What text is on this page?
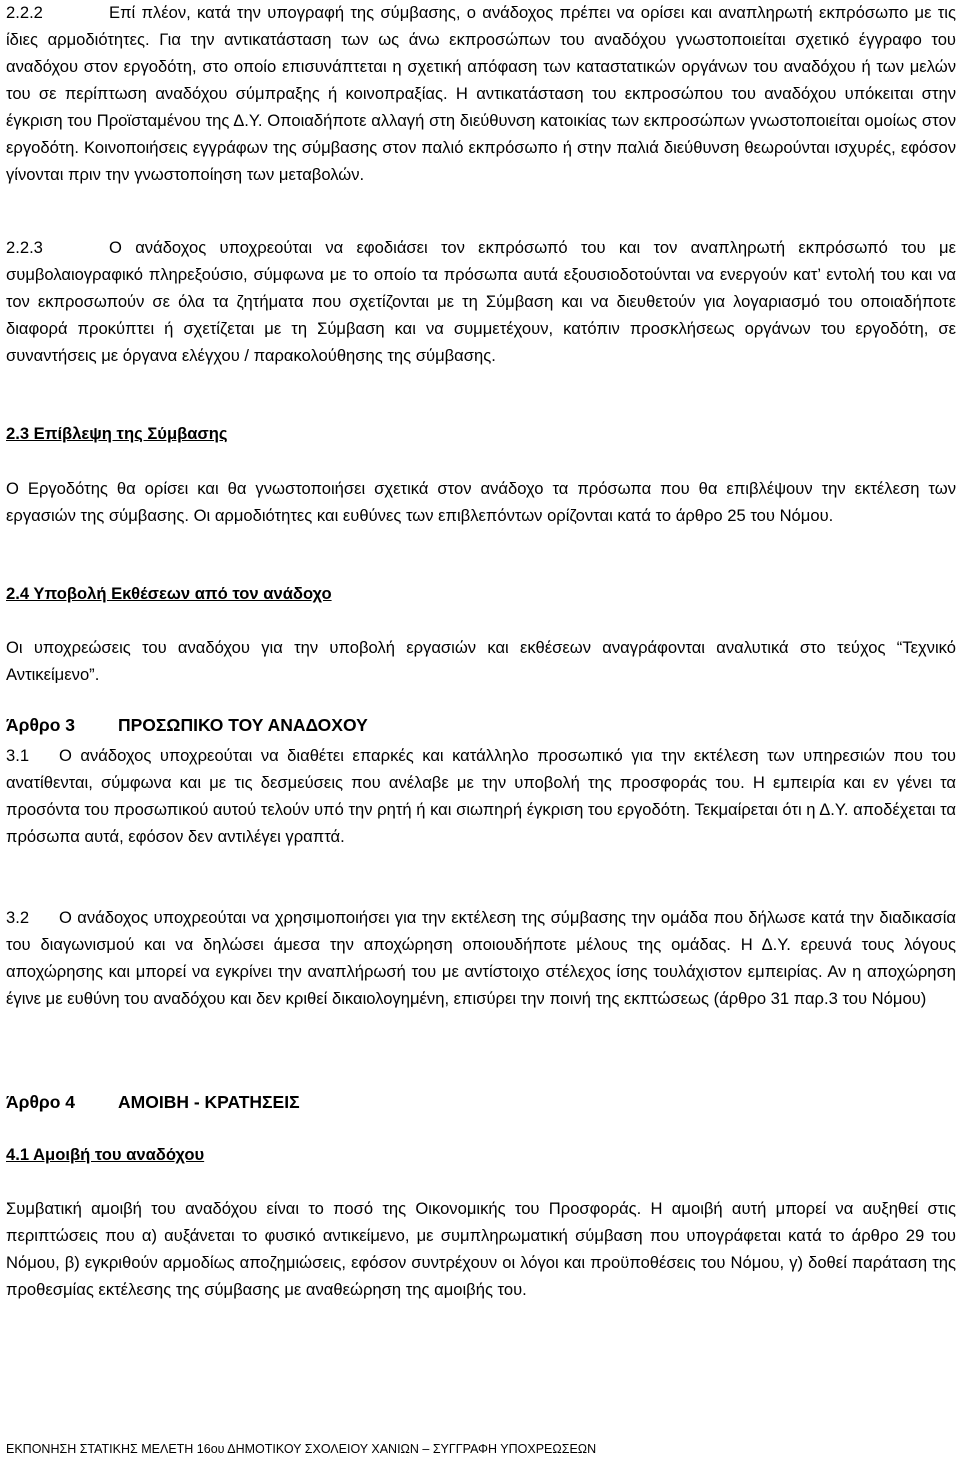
2.2.2	Επί πλέον, κατά την υπογραφή της σύμβασης, ο ανάδοχος πρέπει να ορίσει και αναπληρωτή εκπρόσωπο με τις ίδιες αρμοδιότητες. Για την αντικατάσταση των ως άνω εκπροσώπων του αναδόχου γνωστοποιείται σχετικό έγγραφο του αναδόχου στον εργοδότη, στο οποίο επισυνάπτεται η σχετική απόφαση των καταστατικών οργάνων του αναδόχου ή των μελών του σε περίπτωση αναδόχου σύμπραξης ή κοινοπραξίας. Η αντικατάσταση του εκπροσώπου του αναδόχου υπόκειται στην έγκριση του Προϊσταμένου της Δ.Υ. Οποιαδήποτε αλλαγή στη διεύθυνση κατοικίας των εκπροσώπων γνωστοποιείται ομοίως στον εργοδότη. Κοινοποιήσεις εγγράφων της σύμβασης στον παλιό εκπρόσωπο ή στην παλιά διεύθυνση θεωρούνται ισχυρές, εφόσον γίνονται πριν την γνωστοποίηση των μεταβολών.

2.2.3	Ο ανάδοχος υποχρεούται να εφοδιάσει τον εκπρόσωπό του και τον αναπληρωτή εκπρόσωπό του με συμβολαιογραφικό πληρεξούσιο, σύμφωνα με το οποίο τα πρόσωπα αυτά εξουσιοδοτούνται να ενεργούν κατ’ εντολή του και να τον εκπροσωπούν σε όλα τα ζητήματα που σχετίζονται με τη Σύμβαση και να διευθετούν για λογαριασμό του οποιαδήποτε διαφορά προκύπτει ή σχετίζεται με τη Σύμβαση και να συμμετέχουν, κατόπιν προσκλήσεως οργάνων του εργοδότη, σε συναντήσεις με όργανα ελέγχου / παρακολούθησης της σύμβασης.

2.3 Επίβλεψη της Σύμβασης

Ο Εργοδότης θα ορίσει και θα γνωστοποιήσει σχετικά στον ανάδοχο τα πρόσωπα που θα επιβλέψουν την εκτέλεση των εργασιών της σύμβασης. Οι αρμοδιότητες και ευθύνες των επιβλεπόντων ορίζονται κατά το άρθρο 25 του Νόμου.

2.4 Υποβολή Εκθέσεων από τον ανάδοχο

Οι υποχρεώσεις του αναδόχου για την υποβολή εργασιών και εκθέσεων αναγράφονται αναλυτικά στο τεύχος “Τεχνικό Αντικείμενο”.

Άρθρο 3 ΠΡΟΣΩΠΙΚΟ ΤΟΥ ΑΝΑΔΟΧΟΥ

3.1 Ο ανάδοχος υποχρεούται να διαθέτει επαρκές και κατάλληλο προσωπικό για την εκτέλεση των υπηρεσιών που του ανατίθενται, σύμφωνα και με τις δεσμεύσεις που ανέλαβε με την υποβολή της προσφοράς του. Η εμπειρία και εν γένει τα προσόντα του προσωπικού αυτού τελούν υπό την ρητή ή και σιωπηρή έγκριση του εργοδότη. Τεκμαίρεται ότι η Δ.Υ. αποδέχεται τα πρόσωπα αυτά, εφόσον δεν αντιλέγει γραπτά.

3.2 Ο ανάδοχος υποχρεούται να χρησιμοποιήσει για την εκτέλεση της σύμβασης την ομάδα που δήλωσε κατά την διαδικασία του διαγωνισμού και να δηλώσει άμεσα την αποχώρηση οποιουδήποτε μέλους της ομάδας. Η Δ.Υ. ερευνά τους λόγους αποχώρησης και μπορεί να εγκρίνει την αναπλήρωσή του με αντίστοιχο στέλεχος ίσης τουλάχιστον εμπειρίας. Αν η αποχώρηση έγινε με ευθύνη του αναδόχου και δεν κριθεί δικαιολογημένη, επισύρει την ποινή της εκπτώσεως (άρθρο 31 παρ.3 του Νόμου)

Άρθρο 4 ΑΜΟΙΒΗ - ΚΡΑΤΗΣΕΙΣ

4.1 Αμοιβή του αναδόχου

Συμβατική αμοιβή του αναδόχου είναι το ποσό της Οικονομικής του Προσφοράς. Η αμοιβή αυτή μπορεί να αυξηθεί στις περιπτώσεις που α) αυξάνεται το φυσικό αντικείμενο, με συμπληρωματική σύμβαση που υπογράφεται κατά το άρθρο 29 του Νόμου, β) εγκριθούν αρμοδίως αποζημιώσεις, εφόσον συντρέχουν οι λόγοι και προϋποθέσεις του Νόμου, γ) δοθεί παράταση της προθεσμίας εκτέλεσης της σύμβασης με αναθεώρηση της αμοιβής του.

ΕΚΠΟΝΗΣΗ ΣΤΑΤΙΚΗΣ ΜΕΛΕΤΗ 16ου ΔΗΜΟΤΙΚΟΥ ΣΧΟΛΕΙΟΥ ΧΑΝΙΩΝ – ΣΥΓΓΡΑΦΗ ΥΠΟΧΡΕΩΣΕΩΝ
